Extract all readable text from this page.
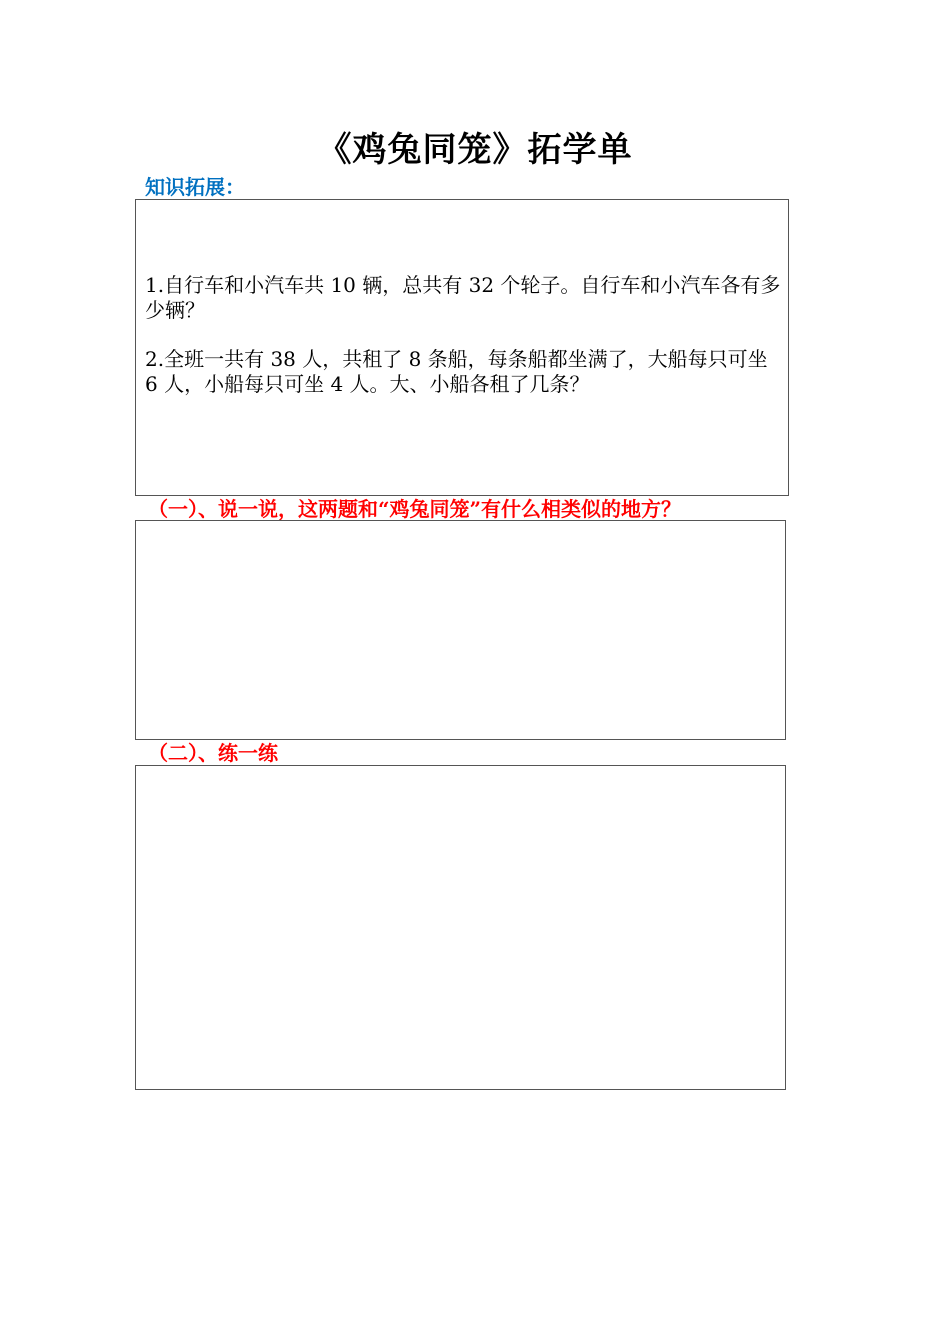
《鸡兔同笼》拓学单
知识拓展：

1.自行车和小汽车共 10 辆，总共有 32 个轮子。自行车和小汽车各有多少辆？

2.全班一共有 38 人，共租了 8 条船，每条船都坐满了，大船每只可坐 6 人，小船每只可坐 4 人。大、小船各租了几条？

（一）、说一说，这两题和“鸡兔同笼”有什么相类似的地方？
（二）、练一练
